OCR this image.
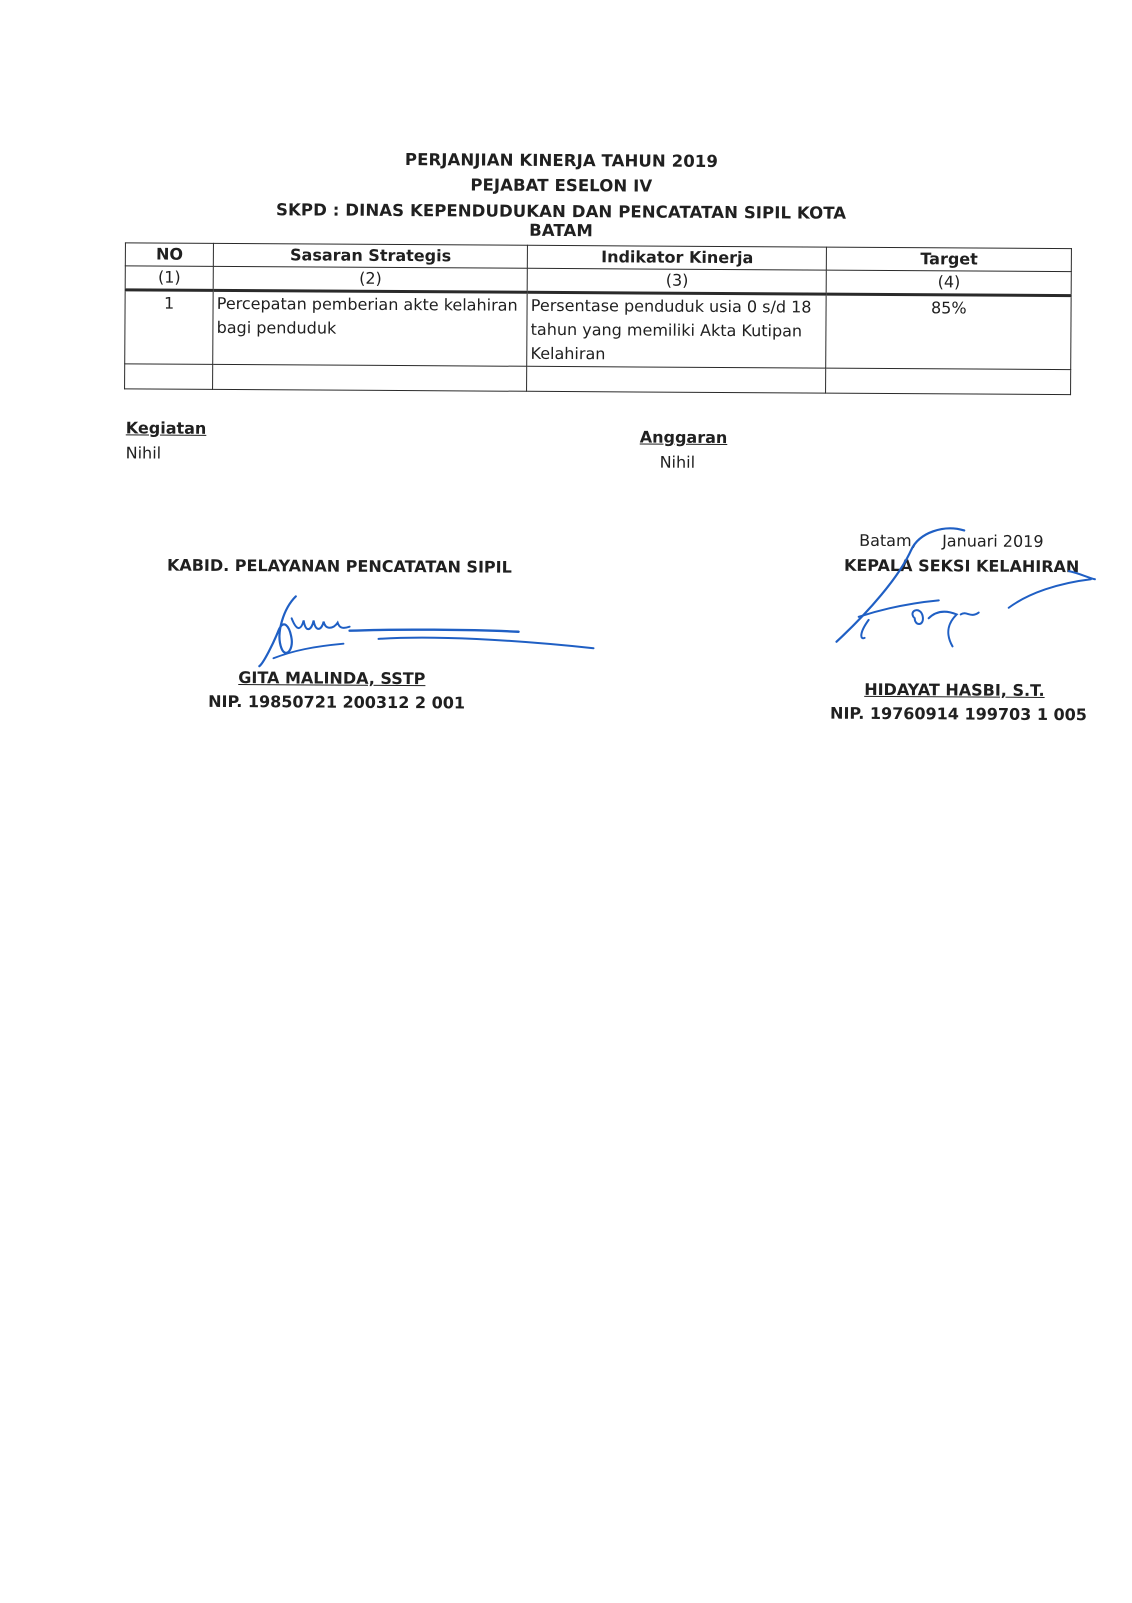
PERJANJIAN KINERJA TAHUN 2019
PEJABAT ESELON IV
SKPD : DINAS KEPENDUDUKAN DAN PENCATATAN SIPIL KOTA BATAM
NO	Sasaran Strategis	Indikator Kinerja	Target
(1)	(2)	(3)	(4)
1	Percepatan pemberian akte kelahiran bagi penduduk	Persentase penduduk usia 0 s/d 18 tahun yang memiliki Akta Kutipan Kelahiran	85%

Kegiatan
Nihil
Anggaran
Nihil
KABID. PELAYANAN PENCATATAN SIPIL
GITA MALINDA, SSTP
NIP. 19850721 200312 2 001
Batam,     Januari 2019
KEPALA SEKSI KELAHIRAN
HIDAYAT HASBI, S.T.
NIP. 19760914 199703 1 005
